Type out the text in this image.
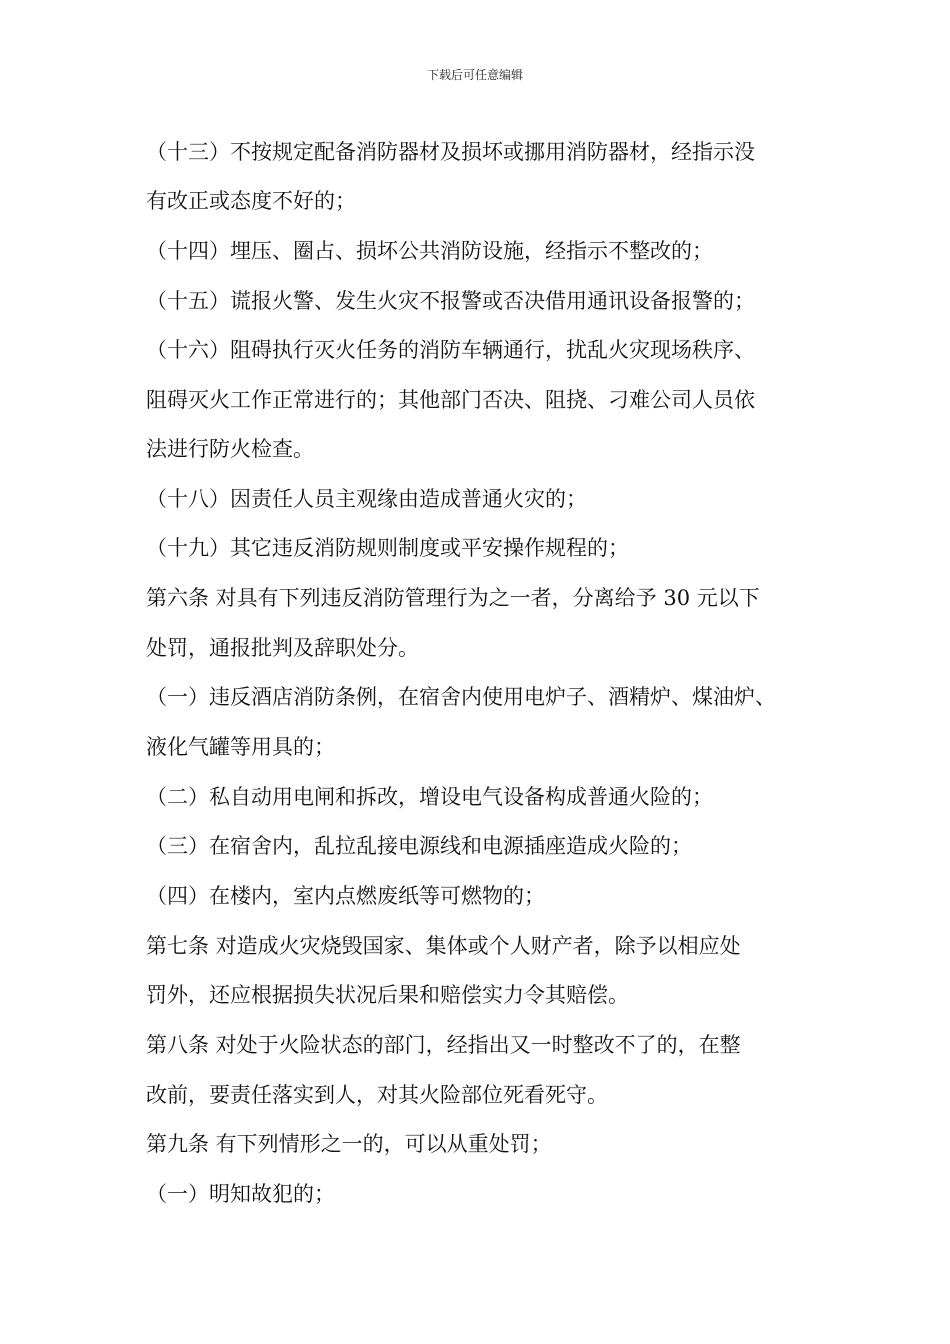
下载后可任意编辑
（十三）不按规定配备消防器材及损坏或挪用消防器材，经指示没
有改正或态度不好的；
（十四）埋压、圈占、损坏公共消防设施，经指示不整改的；
（十五）谎报火警、发生火灾不报警或否决借用通讯设备报警的；
（十六）阻碍执行灭火任务的消防车辆通行，扰乱火灾现场秩序、
阻碍灭火工作正常进行的；其他部门否决、阻挠、刁难公司人员依
法进行防火检查。
（十八）因责任人员主观缘由造成普通火灾的；
（十九）其它违反消防规则制度或平安操作规程的；
第六条 对具有下列违反消防管理行为之一者，分离给予 30 元以下
处罚，通报批判及辞职处分。
（一）违反酒店消防条例，在宿舍内使用电炉子、酒精炉、煤油炉、
液化气罐等用具的；
（二）私自动用电闸和拆改，增设电气设备构成普通火险的；
（三）在宿舍内，乱拉乱接电源线和电源插座造成火险的；
（四）在楼内，室内点燃废纸等可燃物的；
第七条 对造成火灾烧毁国家、集体或个人财产者，除予以相应处
罚外，还应根据损失状况后果和赔偿实力令其赔偿。
第八条 对处于火险状态的部门，经指出又一时整改不了的，在整
改前，要责任落实到人，对其火险部位死看死守。
第九条 有下列情形之一的，可以从重处罚；
（一）明知故犯的；
